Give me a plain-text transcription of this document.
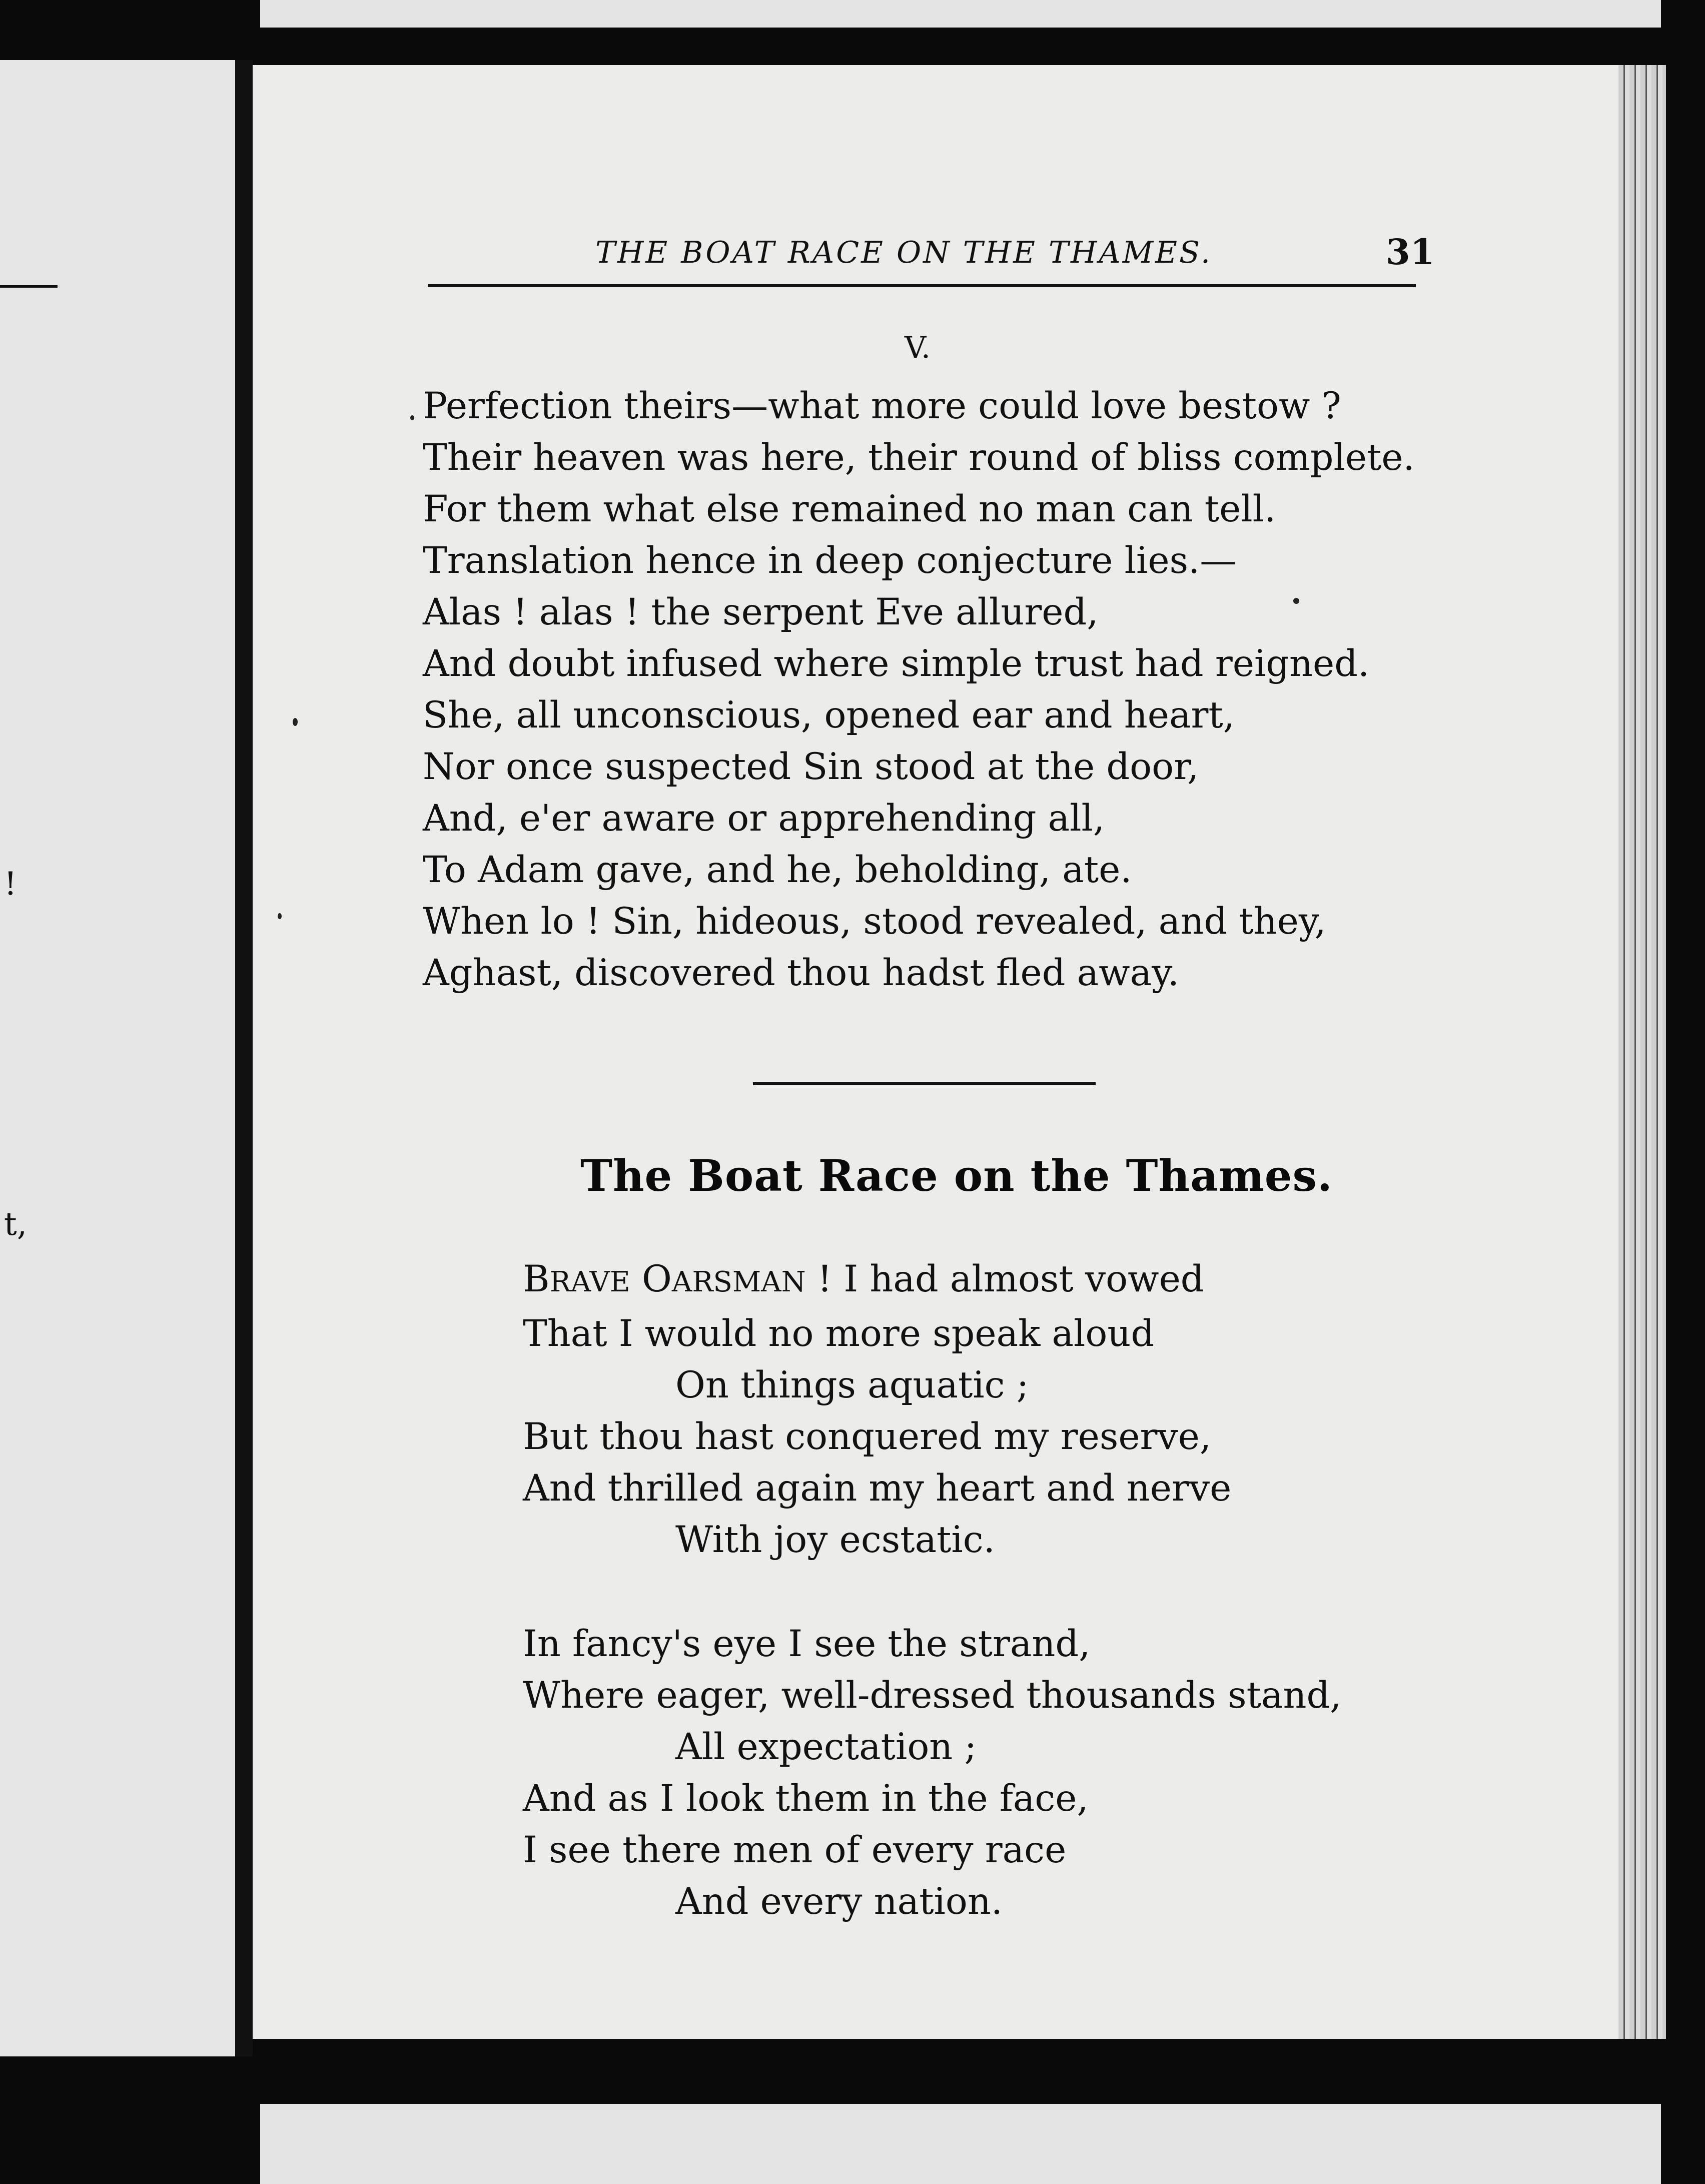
!
t,
THE BOAT RACE ON THE THAMES.	31
V.
Perfection theirs—what more could love bestow ?
Their heaven was here, their round of bliss complete.
For them what else remained no man can tell.
Translation hence in deep conjecture lies.—
Alas ! alas ! the serpent Eve allured,
And doubt infused where simple trust had reigned.
She, all unconscious, opened ear and heart,
Nor once suspected Sin stood at the door,
And, e'er aware or apprehending all,
To Adam gave, and he, beholding, ate.
When lo ! Sin, hideous, stood revealed, and they,
Aghast, discovered thou hadst fled away.
The Boat Race on the Thames.
BRAVE OARSMAN ! I had almost vowed
That I would no more speak aloud
On things aquatic ;
But thou hast conquered my reserve,
And thrilled again my heart and nerve
With joy ecstatic.
In fancy's eye I see the strand,
Where eager, well-dressed thousands stand,
All expectation ;
And as I look them in the face,
I see there men of every race
And every nation.
